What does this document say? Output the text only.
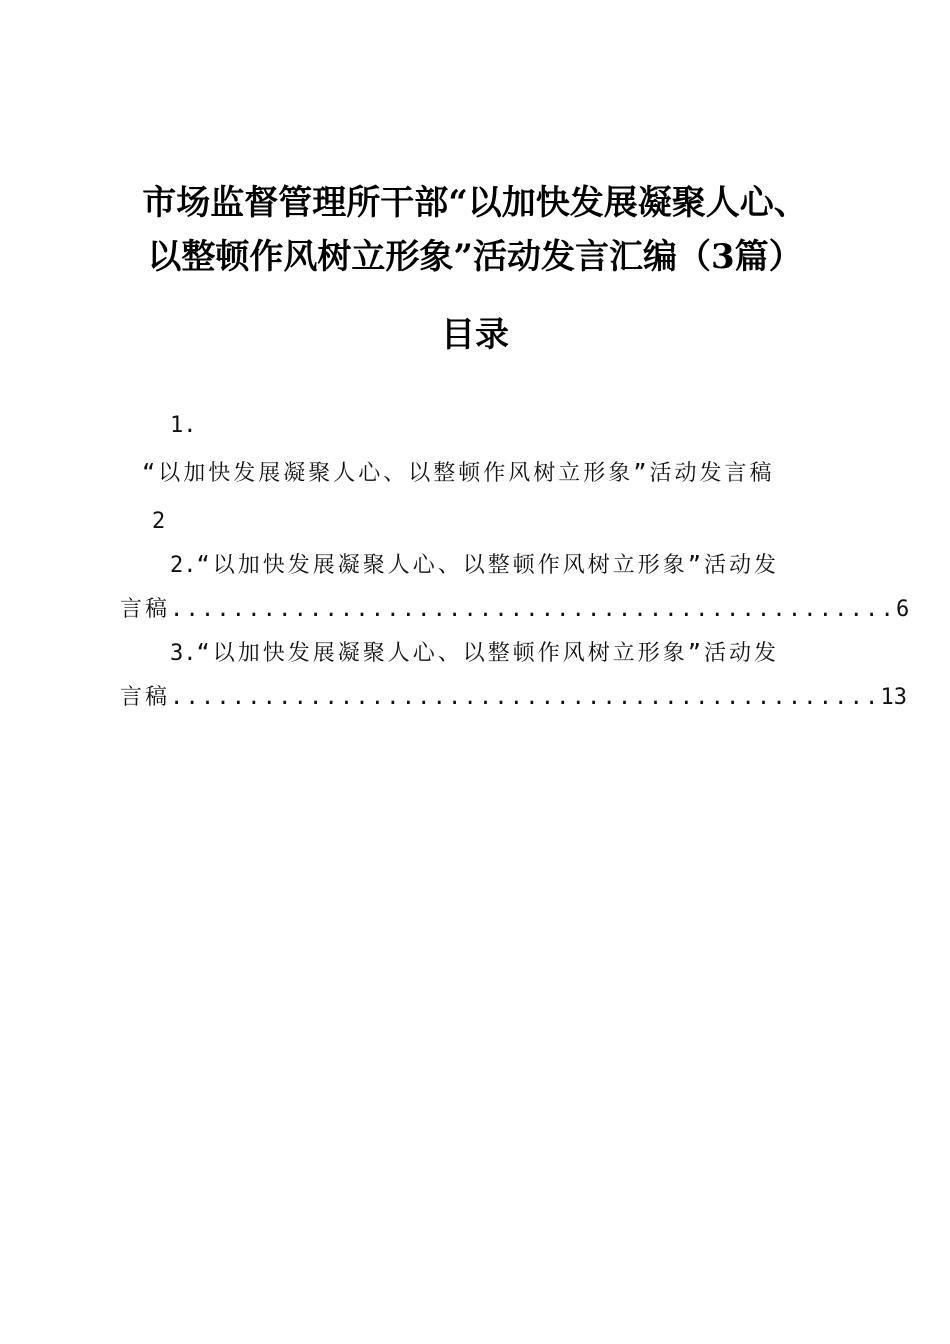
市场监督管理所干部“以加快发展凝聚人心、
以整顿作风树立形象”活动发言汇编（3篇）
目录
1.
“以加快发展凝聚人心、以整顿作风树立形象”活动发言稿
2
2.“以加快发展凝聚人心、以整顿作风树立形象”活动发
言稿...............................................6
3.“以加快发展凝聚人心、以整顿作风树立形象”活动发
言稿..............................................13
